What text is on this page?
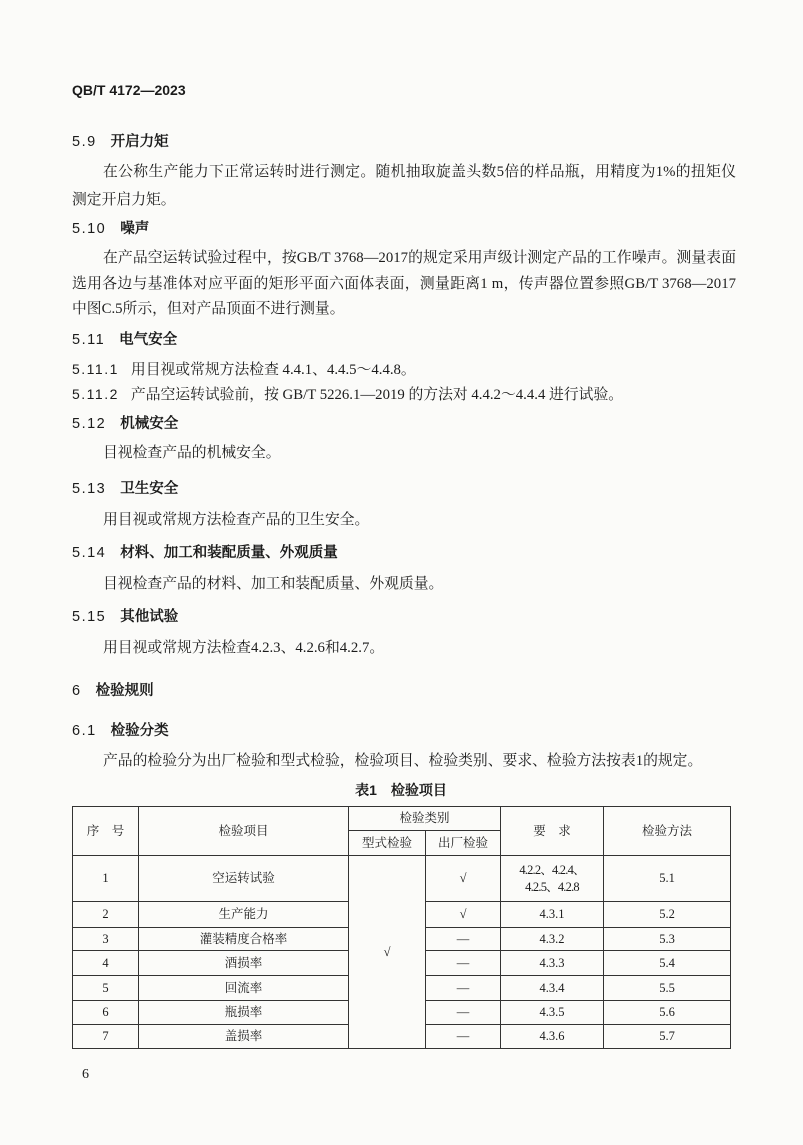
QB/T 4172—2023
5.9 开启力矩
在公称生产能力下正常运转时进行测定。随机抽取旋盖头数5倍的样品瓶，用精度为1%的扭矩仪测定开启力矩。
5.10 噪声
在产品空运转试验过程中，按GB/T 3768—2017的规定采用声级计测定产品的工作噪声。测量表面选用各边与基准体对应平面的矩形平面六面体表面，测量距离1 m，传声器位置参照GB/T 3768—2017中图C.5所示，但对产品顶面不进行测量。
5.11 电气安全
5.11.1 用目视或常规方法检查 4.4.1、4.4.5～4.4.8。
5.11.2 产品空运转试验前，按 GB/T 5226.1—2019 的方法对 4.4.2～4.4.4 进行试验。
5.12 机械安全
目视检查产品的机械安全。
5.13 卫生安全
用目视或常规方法检查产品的卫生安全。
5.14 材料、加工和装配质量、外观质量
目视检查产品的材料、加工和装配质量、外观质量。
5.15 其他试验
用目视或常规方法检查4.2.3、4.2.6和4.2.7。
6 检验规则
6.1 检验分类
产品的检验分为出厂检验和型式检验，检验项目、检验类别、要求、检验方法按表1的规定。
表1 检验项目
序　号	检验项目	检验类别		要　求	检验方法
		型式检验	出厂检验		
1	空运转试验	√	√	4.2.2、4.2.4、4.2.5、4.2.8	5.1
2	生产能力		√	4.3.1	5.2
3	灌装精度合格率		—	4.3.2	5.3
4	酒损率		—	4.3.3	5.4
5	回流率		—	4.3.4	5.5
6	瓶损率		—	4.3.5	5.6
7	盖损率		—	4.3.6	5.7
6
